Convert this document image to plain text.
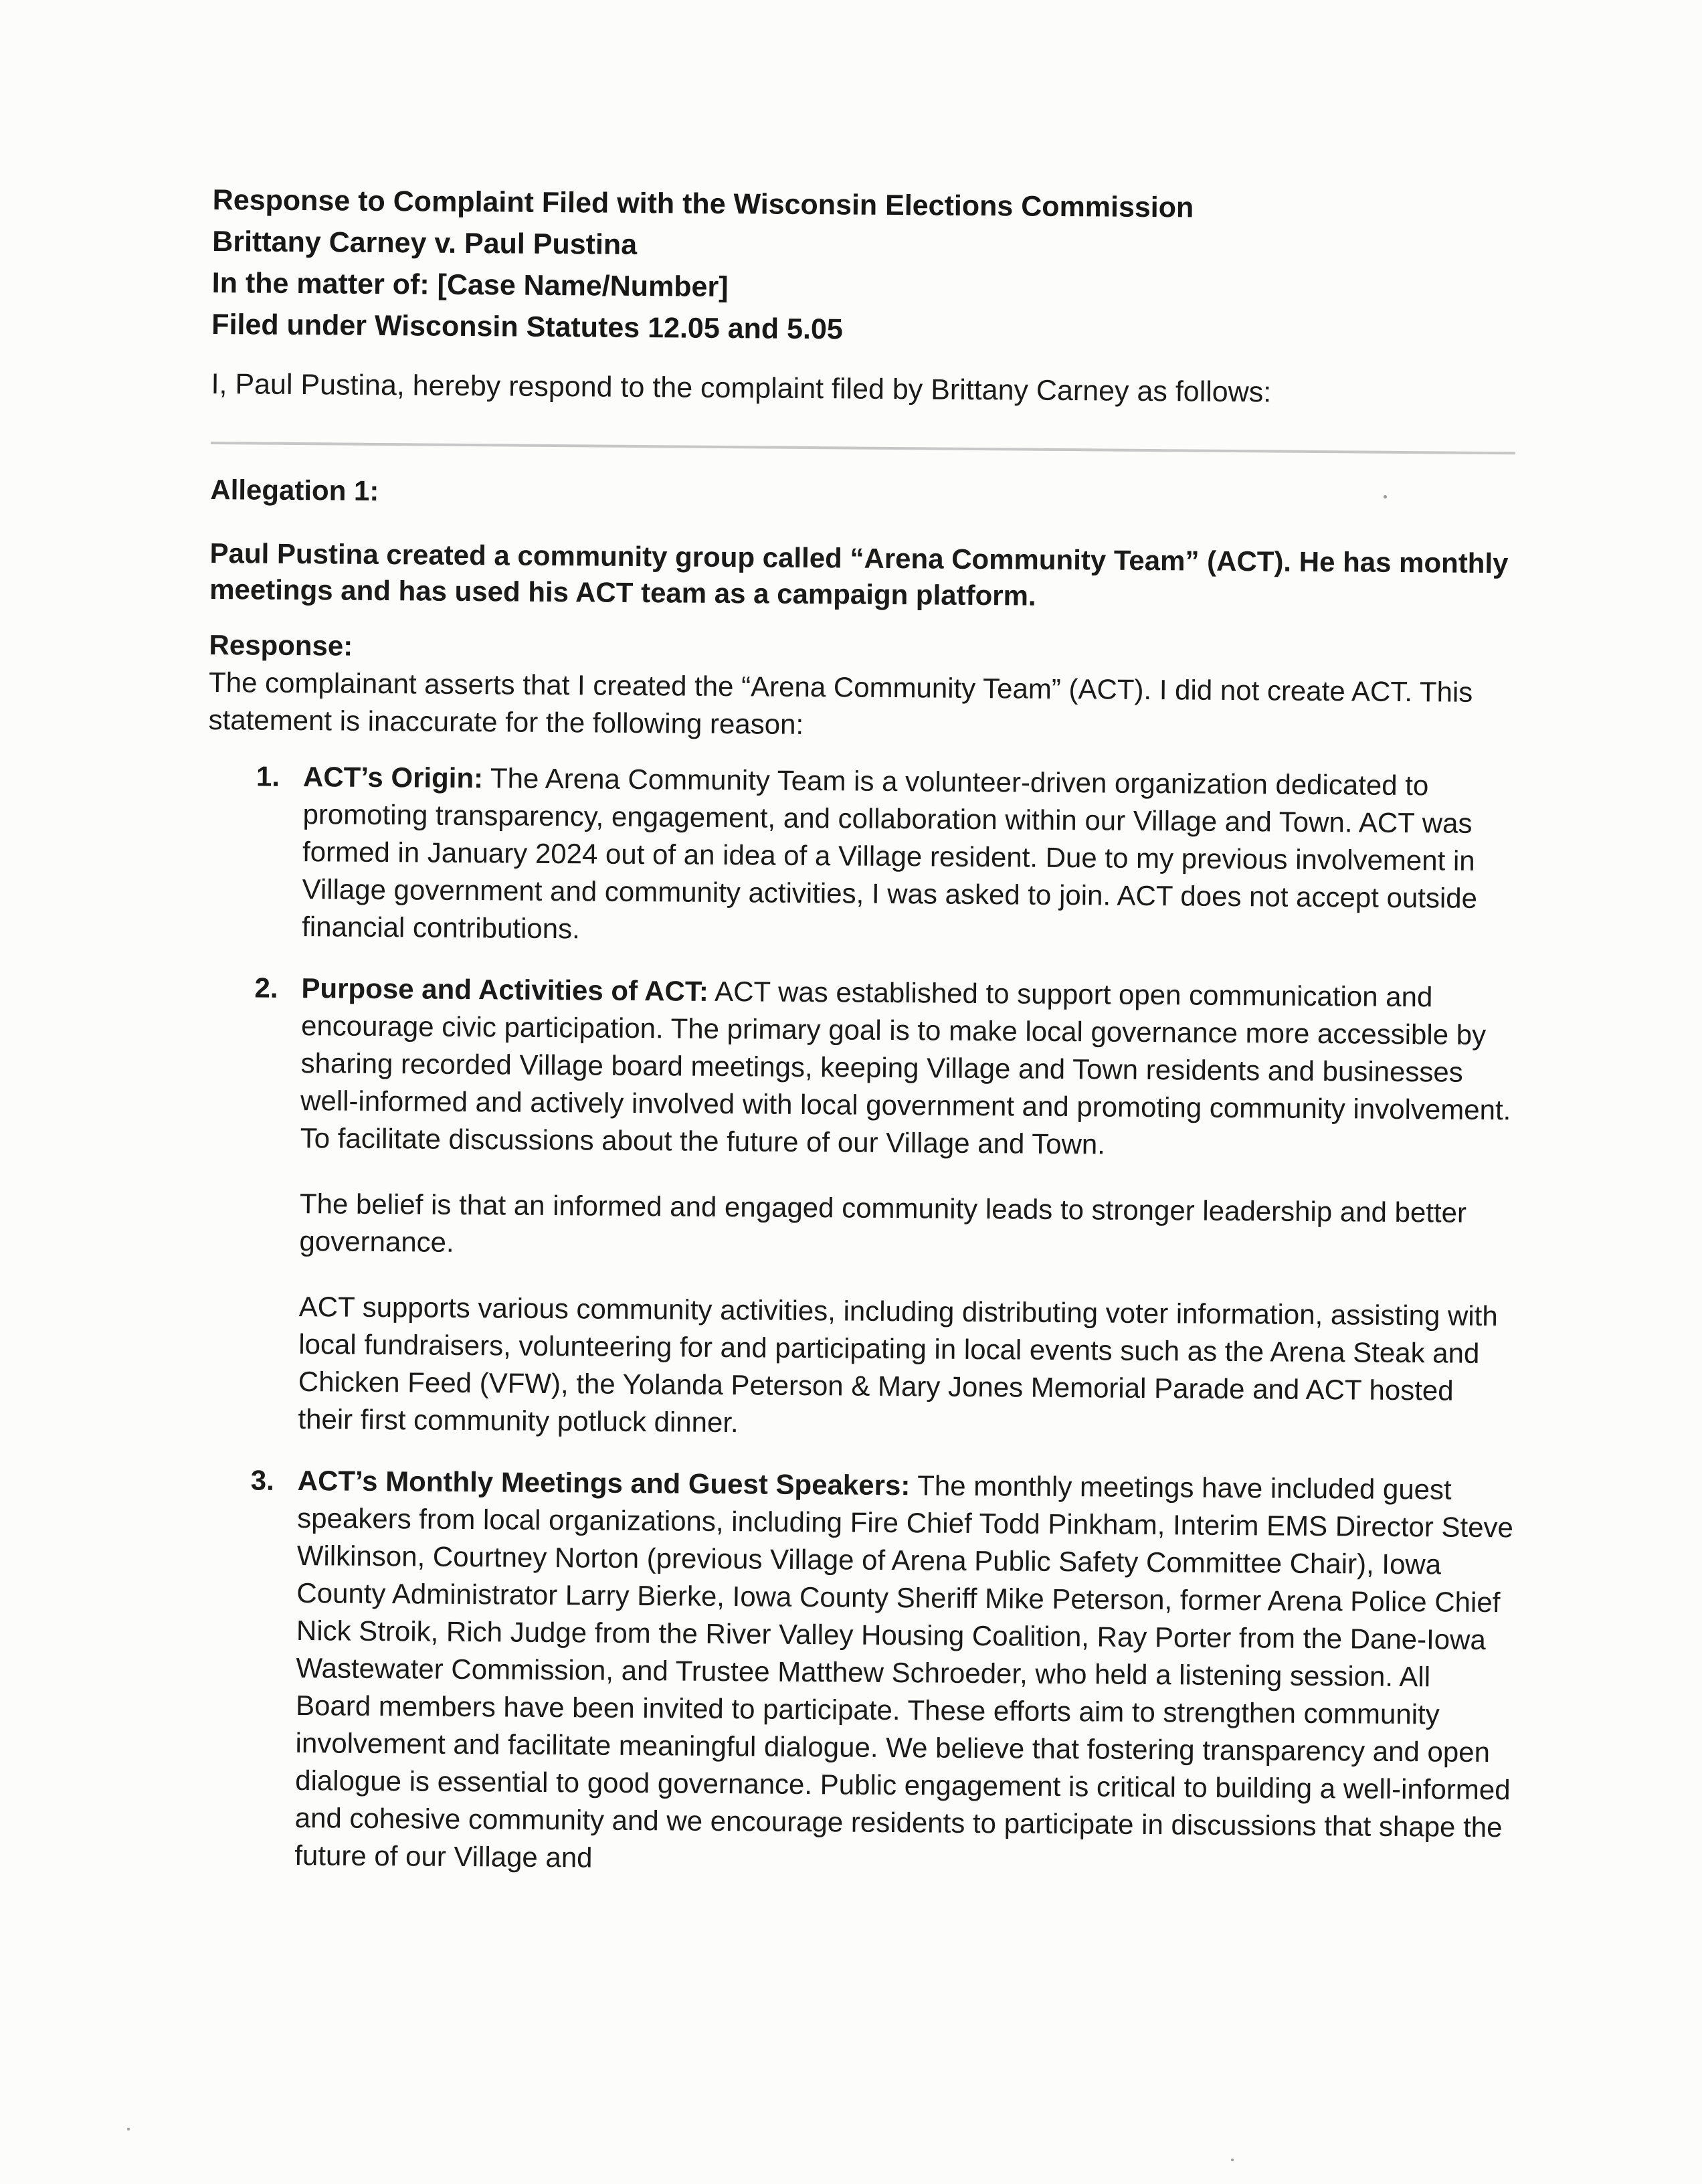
Response to Complaint Filed with the Wisconsin Elections Commission
Brittany Carney v. Paul Pustina
In the matter of: [Case Name/Number]
Filed under Wisconsin Statutes 12.05 and 5.05
I, Paul Pustina, hereby respond to the complaint filed by Brittany Carney as follows:
Allegation 1:
Paul Pustina created a community group called “Arena Community Team” (ACT). He has monthly meetings and has used his ACT team as a campaign platform.
Response:
The complainant asserts that I created the “Arena Community Team” (ACT). I did not create ACT. This statement is inaccurate for the following reason:
1. ACT’s Origin: The Arena Community Team is a volunteer-driven organization dedicated to promoting transparency, engagement, and collaboration within our Village and Town. ACT was formed in January 2024 out of an idea of a Village resident. Due to my previous involvement in Village government and community activities, I was asked to join. ACT does not accept outside financial contributions.

2. Purpose and Activities of ACT: ACT was established to support open communication and encourage civic participation. The primary goal is to make local governance more accessible by sharing recorded Village board meetings, keeping Village and Town residents and businesses well-informed and actively involved with local government and promoting community involvement. To facilitate discussions about the future of our Village and Town.

The belief is that an informed and engaged community leads to stronger leadership and better governance.

ACT supports various community activities, including distributing voter information, assisting with local fundraisers, volunteering for and participating in local events such as the Arena Steak and Chicken Feed (VFW), the Yolanda Peterson & Mary Jones Memorial Parade and ACT hosted their first community potluck dinner.

3. ACT’s Monthly Meetings and Guest Speakers: The monthly meetings have included guest speakers from local organizations, including Fire Chief Todd Pinkham, Interim EMS Director Steve Wilkinson, Courtney Norton (previous Village of Arena Public Safety Committee Chair), Iowa County Administrator Larry Bierke, Iowa County Sheriff Mike Peterson, former Arena Police Chief Nick Stroik, Rich Judge from the River Valley Housing Coalition, Ray Porter from the Dane-Iowa Wastewater Commission, and Trustee Matthew Schroeder, who held a listening session. All Board members have been invited to participate. These efforts aim to strengthen community involvement and facilitate meaningful dialogue. We believe that fostering transparency and open dialogue is essential to good governance. Public engagement is critical to building a well-informed and cohesive community and we encourage residents to participate in discussions that shape the future of our Village and
